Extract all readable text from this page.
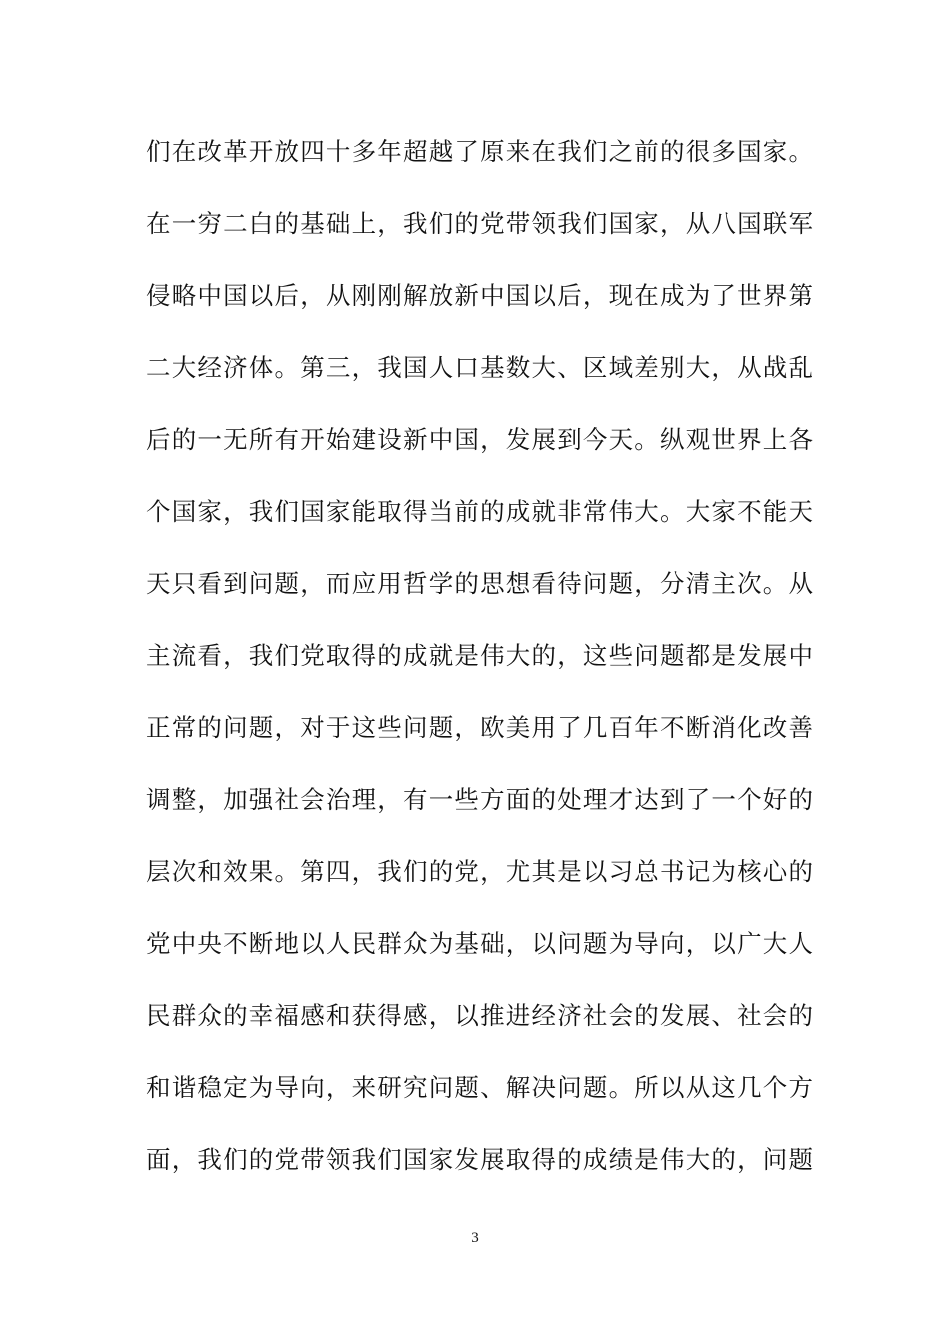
们在改革开放四十多年超越了原来在我们之前的很多国家。
在一穷二白的基础上，我们的党带领我们国家，从八国联军
侵略中国以后，从刚刚解放新中国以后，现在成为了世界第
二大经济体。第三，我国人口基数大、区域差别大，从战乱
后的一无所有开始建设新中国，发展到今天。纵观世界上各
个国家，我们国家能取得当前的成就非常伟大。大家不能天
天只看到问题，而应用哲学的思想看待问题，分清主次。从
主流看，我们党取得的成就是伟大的，这些问题都是发展中
正常的问题，对于这些问题，欧美用了几百年不断消化改善
调整，加强社会治理，有一些方面的处理才达到了一个好的
层次和效果。第四，我们的党，尤其是以习总书记为核心的
党中央不断地以人民群众为基础，以问题为导向，以广大人
民群众的幸福感和获得感，以推进经济社会的发展、社会的
和谐稳定为导向，来研究问题、解决问题。所以从这几个方
面，我们的党带领我们国家发展取得的成绩是伟大的，问题
3
